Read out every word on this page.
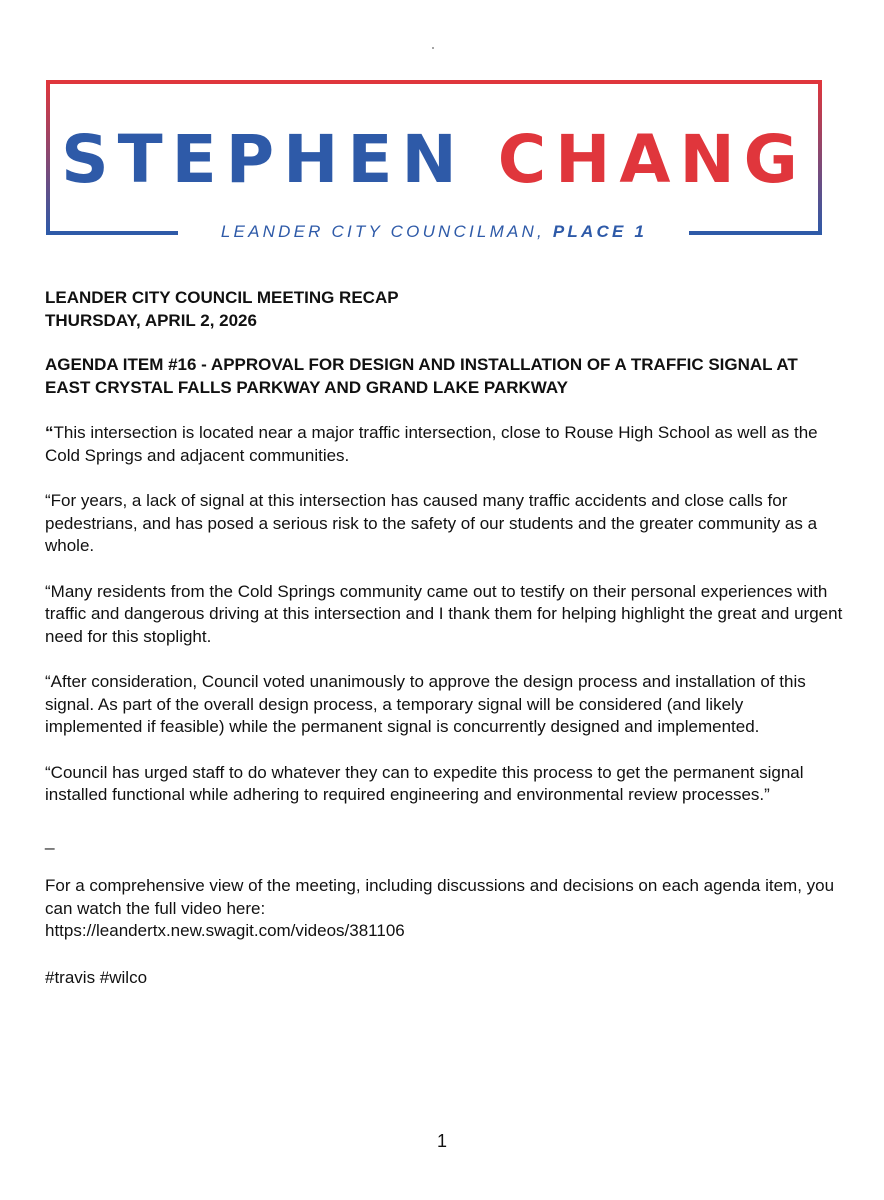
STEPHEN CHANG
LEANDER CITY COUNCILMAN, PLACE 1

LEANDER CITY COUNCIL MEETING RECAP
THURSDAY, APRIL 2, 2026

AGENDA ITEM #16 - APPROVAL FOR DESIGN AND INSTALLATION OF A TRAFFIC SIGNAL AT EAST CRYSTAL FALLS PARKWAY AND GRAND LAKE PARKWAY

“This intersection is located near a major traffic intersection, close to Rouse High School as well as the Cold Springs and adjacent communities.

“For years, a lack of signal at this intersection has caused many traffic accidents and close calls for pedestrians, and has posed a serious risk to the safety of our students and the greater community as a whole.

“Many residents from the Cold Springs community came out to testify on their personal experiences with traffic and dangerous driving at this intersection and I thank them for helping highlight the great and urgent need for this stoplight.

“After consideration, Council voted unanimously to approve the design process and installation of this signal. As part of the overall design process, a temporary signal will be considered (and likely implemented if feasible) while the permanent signal is concurrently designed and implemented.

“Council has urged staff to do whatever they can to expedite this process to get the permanent signal installed functional while adhering to required engineering and environmental review processes.”

_

For a comprehensive view of the meeting, including discussions and decisions on each agenda item, you can watch the full video here:
https://leandertx.new.swagit.com/videos/381106

#travis #wilco

1
